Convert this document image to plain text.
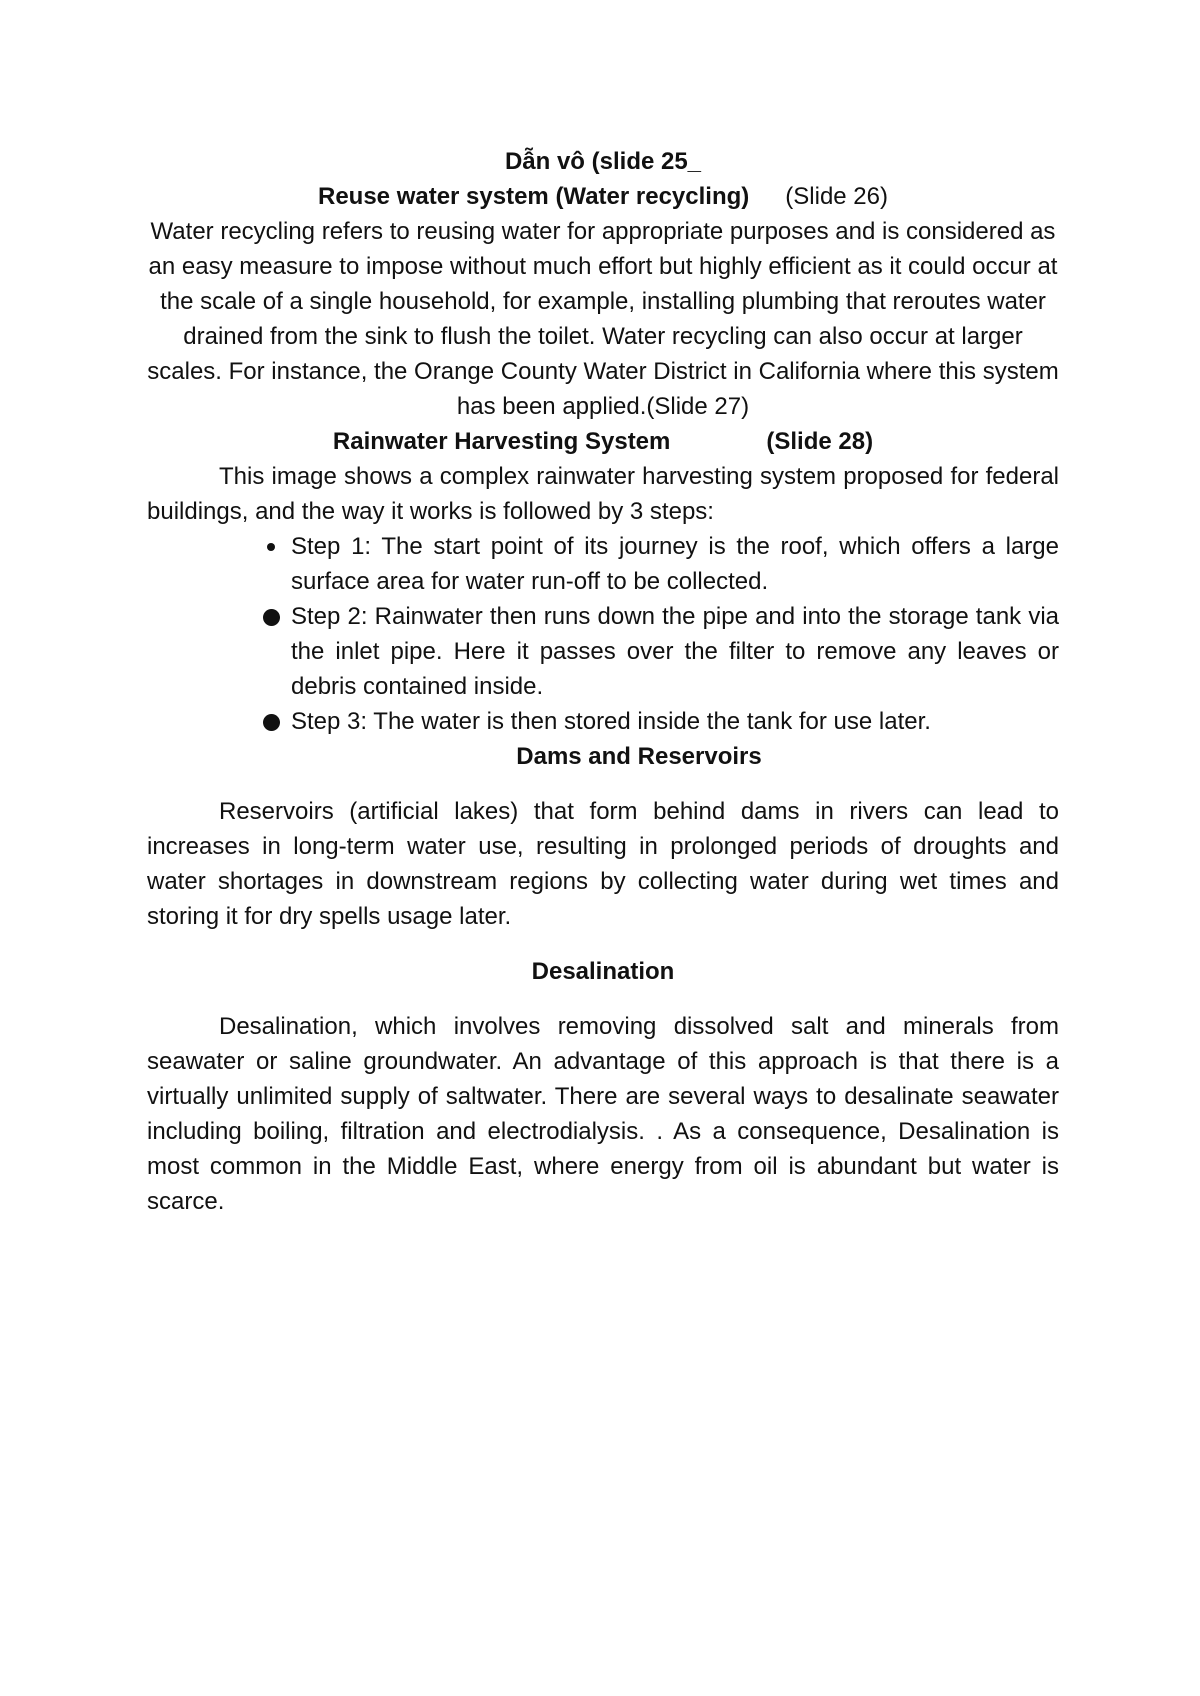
Dẫn vô (slide 25_

Reuse water system (Water recycling) (Slide 26)

Water recycling refers to reusing water for appropriate purposes and is considered as an easy measure to impose without much effort but highly efficient as it could occur at the scale of a single household, for example, installing plumbing that reroutes water drained from the sink to flush the toilet. Water recycling can also occur at larger scales. For instance, the Orange County Water District in California where this system has been applied.(Slide 27)

Rainwater Harvesting System	(Slide 28)

This image shows a complex rainwater harvesting system proposed for federal buildings, and the way it works is followed by 3 steps:

Step 1: The start point of its journey is the roof, which offers a large surface area for water run-off to be collected.
Step 2: Rainwater then runs down the pipe and into the storage tank via the inlet pipe. Here it passes over the filter to remove any leaves or debris contained inside.
Step 3: The water is then stored inside the tank for use later.

Dams and Reservoirs

Reservoirs (artificial lakes) that form behind dams in rivers can lead to increases in long-term water use, resulting in prolonged periods of droughts and water shortages in downstream regions by collecting water during wet times and storing it for dry spells usage later.

Desalination

Desalination, which involves removing dissolved salt and minerals from seawater or saline groundwater. An advantage of this approach is that there is a virtually unlimited supply of saltwater. There are several ways to desalinate seawater including boiling, filtration and electrodialysis. . As a consequence, Desalination is most common in the Middle East, where energy from oil is abundant but water is scarce.
